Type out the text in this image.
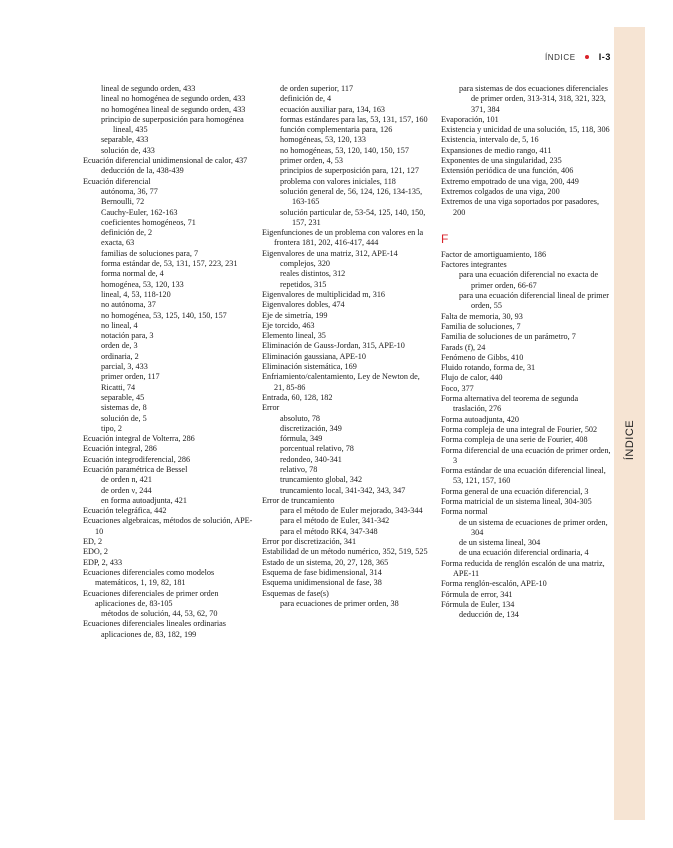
ÍNDICE
ÍNDICE	I-3
lineal de segundo orden, 433
lineal no homogénea de segundo orden, 433
no homogénea lineal de segundo orden, 433
principio de superposición para homogénea lineal, 435
separable, 433
solución de, 433
Ecuación diferencial unidimensional de calor, 437
deducción de la, 438-439
Ecuación diferencial
autónoma, 36, 77
Bernoulli, 72
Cauchy-Euler, 162-163
coeficientes homogéneos, 71
definición de, 2
exacta, 63
familias de soluciones para, 7
forma estándar de, 53, 131, 157, 223, 231
forma normal de, 4
homogénea, 53, 120, 133
lineal, 4, 53, 118-120
no autónoma, 37
no homogénea, 53, 125, 140, 150, 157
no lineal, 4
notación para, 3
orden de, 3
ordinaria, 2
parcial, 3, 433
primer orden, 117
Ricatti, 74
separable, 45
sistemas de, 8
solución de, 5
tipo, 2
Ecuación integral de Volterra, 286
Ecuación integral, 286
Ecuación integrodiferencial, 286
Ecuación paramétrica de Bessel
de orden n, 421
de orden ν, 244
en forma autoadjunta, 421
Ecuación telegráfica, 442
Ecuaciones algebraicas, métodos de solución, APE-10
ED, 2
EDO, 2
EDP, 2, 433
Ecuaciones diferenciales como modelos matemáticos, 1, 19, 82, 181
Ecuaciones diferenciales de primer orden aplicaciones de, 83-105
métodos de solución, 44, 53, 62, 70
Ecuaciones diferenciales lineales ordinarias
aplicaciones de, 83, 182, 199
de orden superior, 117
definición de, 4
ecuación auxiliar para, 134, 163
formas estándares para las, 53, 131, 157, 160
función complementaria para, 126
homogéneas, 53, 120, 133
no homogéneas, 53, 120, 140, 150, 157
primer orden, 4, 53
principios de superposición para, 121, 127
problema con valores iniciales, 118
solución general de, 56, 124, 126, 134-135, 163-165
solución particular de, 53-54, 125, 140, 150, 157, 231
Eigenfunciones de un problema con valores en la frontera 181, 202, 416-417, 444
Eigenvalores de una matriz, 312, APE-14
complejos, 320
reales distintos, 312
repetidos, 315
Eigenvalores de multiplicidad m, 316
Eigenvalores dobles, 474
Eje de simetría, 199
Eje torcido, 463
Elemento lineal, 35
Eliminación de Gauss-Jordan, 315, APE-10
Eliminación gaussiana, APE-10
Eliminación sistemática, 169
Enfriamiento/calentamiento, Ley de Newton de, 21, 85-86
Entrada, 60, 128, 182
Error
absoluto, 78
discretización, 349
fórmula, 349
porcentual relativo, 78
redondeo, 340-341
relativo, 78
truncamiento global, 342
truncamiento local, 341-342, 343, 347
Error de truncamiento
para el método de Euler mejorado, 343-344
para el método de Euler, 341-342
para el método RK4, 347-348
Error por discretización, 341
Estabilidad de un método numérico, 352, 519, 525
Estado de un sistema, 20, 27, 128, 365
Esquema de fase bidimensional, 314
Esquema unidimensional de fase, 38
Esquemas de fase(s)
para ecuaciones de primer orden, 38
para sistemas de dos ecuaciones diferenciales de primer orden, 313-314, 318, 321, 323, 371, 384
Evaporación, 101
Existencia y unicidad de una solución, 15, 118, 306
Existencia, intervalo de, 5, 16
Expansiones de medio rango, 411
Exponentes de una singularidad, 235
Extensión periódica de una función, 406
Extremo empotrado de una viga, 200, 449
Extremos colgados de una viga, 200
Extremos de una viga soportados por pasadores, 200
F
Factor de amortiguamiento, 186
Factores integrantes
para una ecuación diferencial no exacta de primer orden, 66-67
para una ecuación diferencial lineal de primer orden, 55
Falta de memoria, 30, 93
Familia de soluciones, 7
Familia de soluciones de un parámetro, 7
Farads (f), 24
Fenómeno de Gibbs, 410
Fluido rotando, forma de, 31
Flujo de calor, 440
Foco, 377
Forma alternativa del teorema de segunda traslación, 276
Forma autoadjunta, 420
Forma compleja de una integral de Fourier, 502
Forma compleja de una serie de Fourier, 408
Forma diferencial de una ecuación de primer orden, 3
Forma estándar de una ecuación diferencial lineal, 53, 121, 157, 160
Forma general de una ecuación diferencial, 3
Forma matricial de un sistema lineal, 304-305
Forma normal
de un sistema de ecuaciones de primer orden, 304
de un sistema lineal, 304
de una ecuación diferencial ordinaria, 4
Forma reducida de renglón escalón de una matriz, APE-11
Forma renglón-escalón, APE-10
Fórmula de error, 341
Fórmula de Euler, 134
deducción de, 134
